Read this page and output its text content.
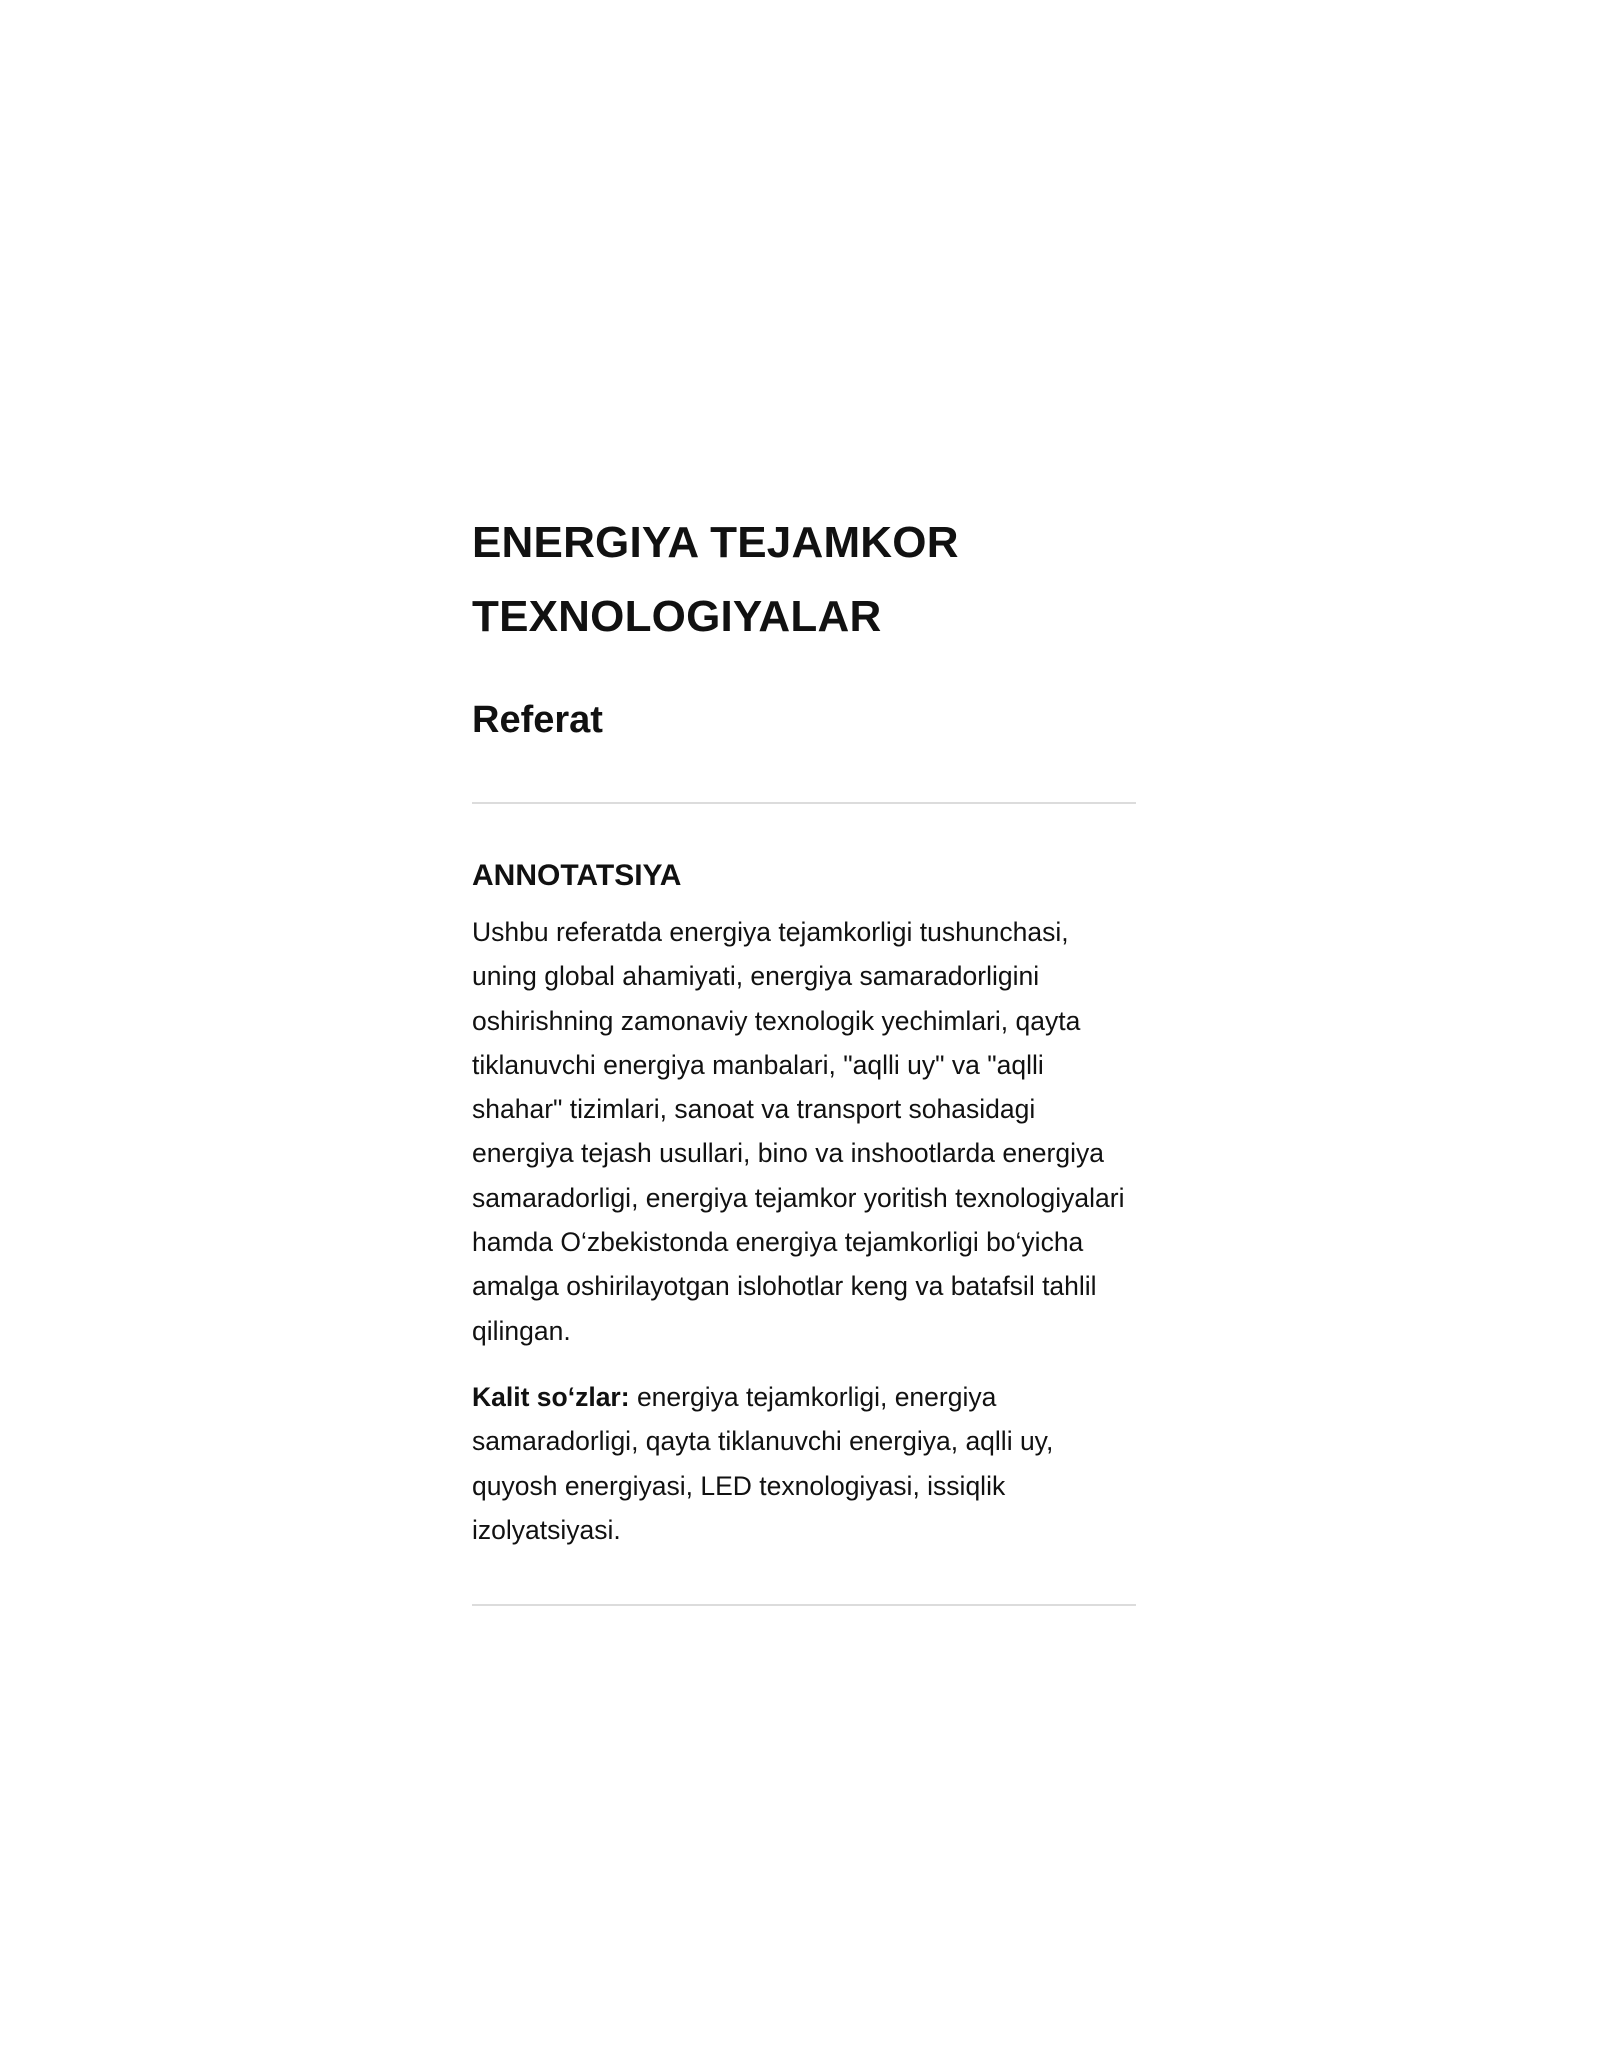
ENERGIYA TEJAMKOR
TEXNOLOGIYALAR
Referat
ANNOTATSIYA

Ushbu referatda energiya tejamkorligi tushunchasi, uning global ahamiyati, energiya samaradorligini oshirishning zamonaviy texnologik yechimlari, qayta tiklanuvchi energiya manbalari, "aqlli uy" va "aqlli shahar" tizimlari, sanoat va transport sohasidagi energiya tejash usullari, bino va inshootlarda energiya samaradorligi, energiya tejamkor yoritish texnologiyalari hamda O‘zbekistonda energiya tejamkorligi bo‘yicha amalga oshirilayotgan islohotlar keng va batafsil tahlil qilingan.

Kalit so‘zlar: energiya tejamkorligi, energiya samaradorligi, qayta tiklanuvchi energiya, aqlli uy, quyosh energiyasi, LED texnologiyasi, issiqlik izolyatsiyasi.
